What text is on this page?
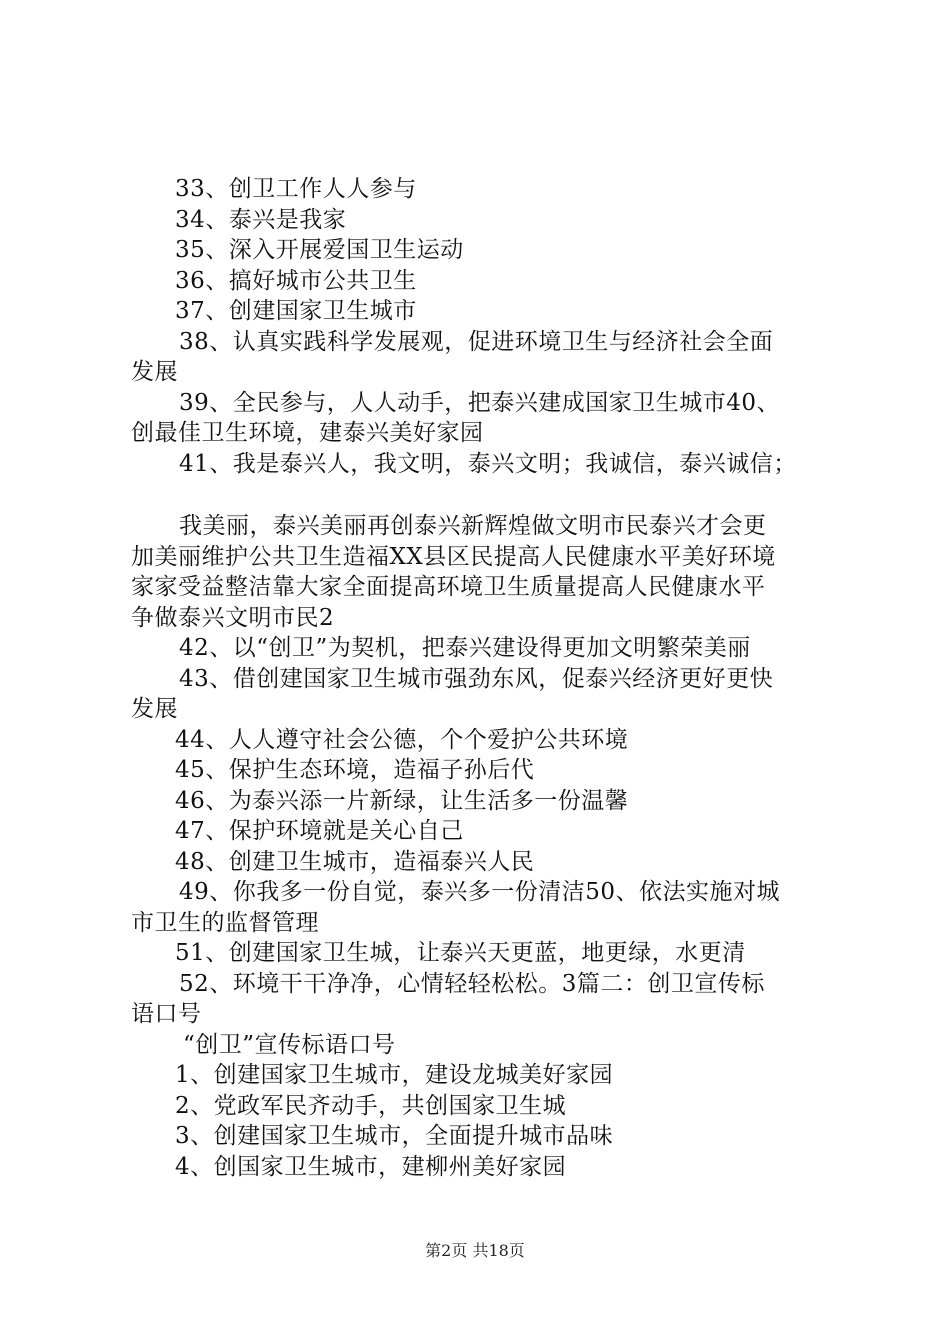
33、创卫工作人人参与
34、泰兴是我家
35、深入开展爱国卫生运动
36、搞好城市公共卫生
37、创建国家卫生城市
38、认真实践科学发展观，促进环境卫生与经济社会全面
发展
39、全民参与，人人动手，把泰兴建成国家卫生城市40、
创最佳卫生环境，建泰兴美好家园
41、我是泰兴人，我文明，泰兴文明；我诚信，泰兴诚信；
我美丽，泰兴美丽再创泰兴新辉煌做文明市民泰兴才会更
加美丽维护公共卫生造福XX县区民提高人民健康水平美好环境
家家受益整洁靠大家全面提高环境卫生质量提高人民健康水平
争做泰兴文明市民2
42、以“创卫”为契机，把泰兴建设得更加文明繁荣美丽
43、借创建国家卫生城市强劲东风，促泰兴经济更好更快
发展
44、人人遵守社会公德，个个爱护公共环境
45、保护生态环境，造福子孙后代
46、为泰兴添一片新绿，让生活多一份温馨
47、保护环境就是关心自己
48、创建卫生城市，造福泰兴人民
49、你我多一份自觉，泰兴多一份清洁50、依法实施对城
市卫生的监督管理
51、创建国家卫生城，让泰兴天更蓝，地更绿，水更清
52、环境干干净净，心情轻轻松松。3篇二：创卫宣传标
语口号
“创卫”宣传标语口号
1、创建国家卫生城市，建设龙城美好家园
2、党政军民齐动手，共创国家卫生城
3、创建国家卫生城市，全面提升城市品味
4、创国家卫生城市，建柳州美好家园
第2页 共18页
